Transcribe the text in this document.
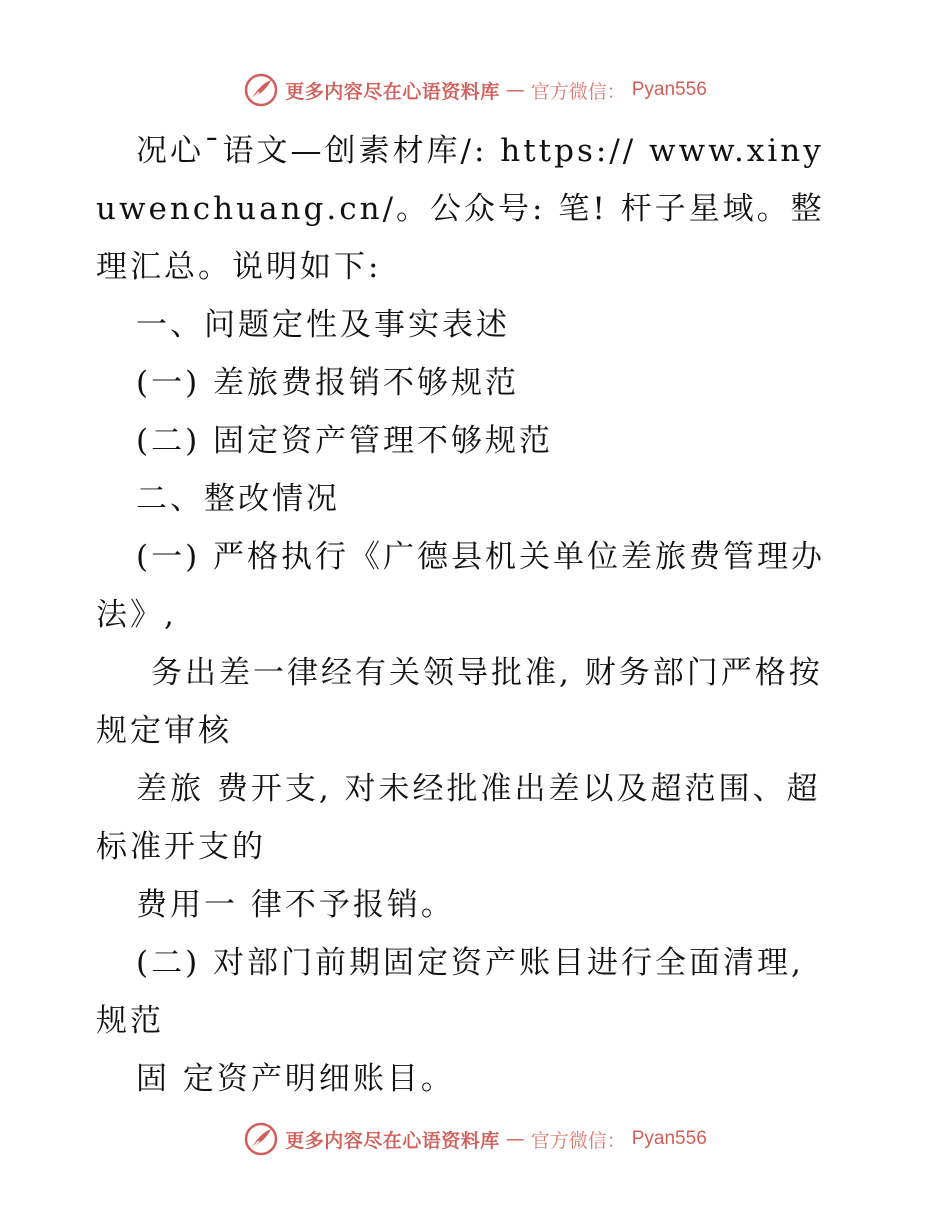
更多内容尽在心语资料库 — 官方微信： Pyan556

况心¯语文—创素材库/: https:// www.xinyuwenchuang.cn/。公众号: 笔! 杆子星域。整理汇总。说明如下:

一、问题定性及事实表述

(一) 差旅费报销不够规范

(二) 固定资产管理不够规范

二、整改情况

(一) 严格执行《广德县机关单位差旅费管理办法》,

务出差一律经有关领导批准, 财务部门严格按规定审核

差旅 费开支, 对未经批准出差以及超范围、超标准开支的

费用一 律不予报销。

(二) 对部门前期固定资产账目进行全面清理, 规范

固 定资产明细账目。

更多内容尽在心语资料库 — 官方微信： Pyan556
